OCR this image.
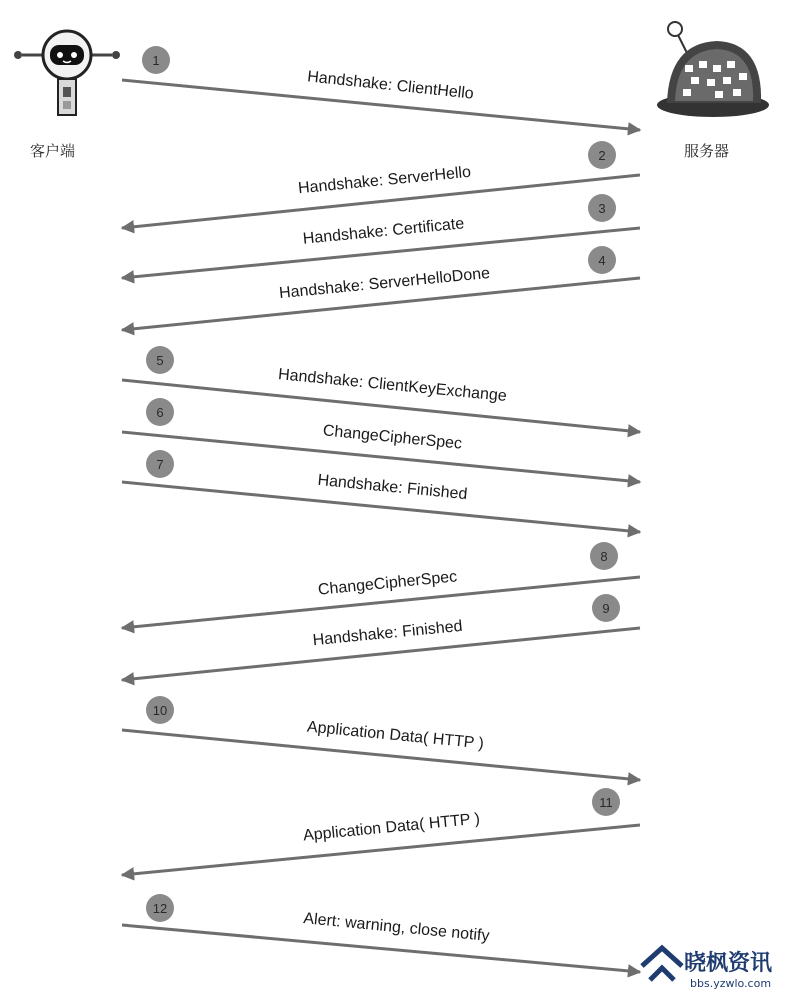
客户端	服务器
1
Handshake: ClientHello
2
Handshake: ServerHello
3
Handshake: Certificate
4
Handshake: ServerHelloDone
5
Handshake: ClientKeyExchange
6
ChangeCipherSpec
7
Handshake: Finished
8
ChangeCipherSpec
9
Handshake: Finished
10
Application Data( HTTP )
11
Application Data( HTTP )
12
Alert: warning, close notify
晓枫资讯
bbs.yzwlo.com
